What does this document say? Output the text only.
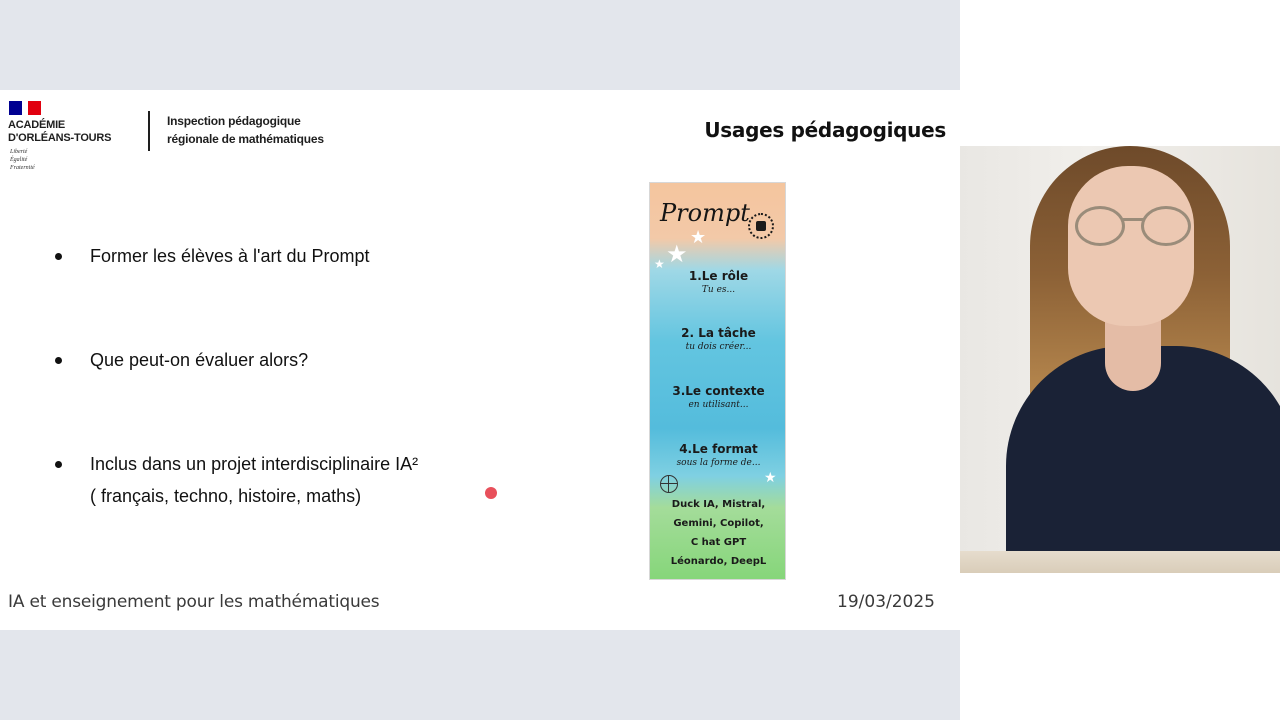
ACADÉMIE
D'ORLÉANS-TOURS
Liberté
Égalité
Fraternité
Inspection pédagogique
régionale de mathématiques	Usages pédagogiques
Former les élèves à l'art du Prompt
Que peut-on évaluer alors?
Inclus dans un projet interdisciplinaire IA²
( français, techno, histoire, maths)
Prompt
★
★
★
★
1.Le rôle
Tu es...
2. La tâche
tu dois créer...
3.Le contexte
en utilisant...
4.Le format
sous la forme de...
Duck IA, Mistral,
Gemini, Copilot,
C hat GPT
Léonardo, DeepL
IA et enseignement pour les mathématiques	19/03/2025
